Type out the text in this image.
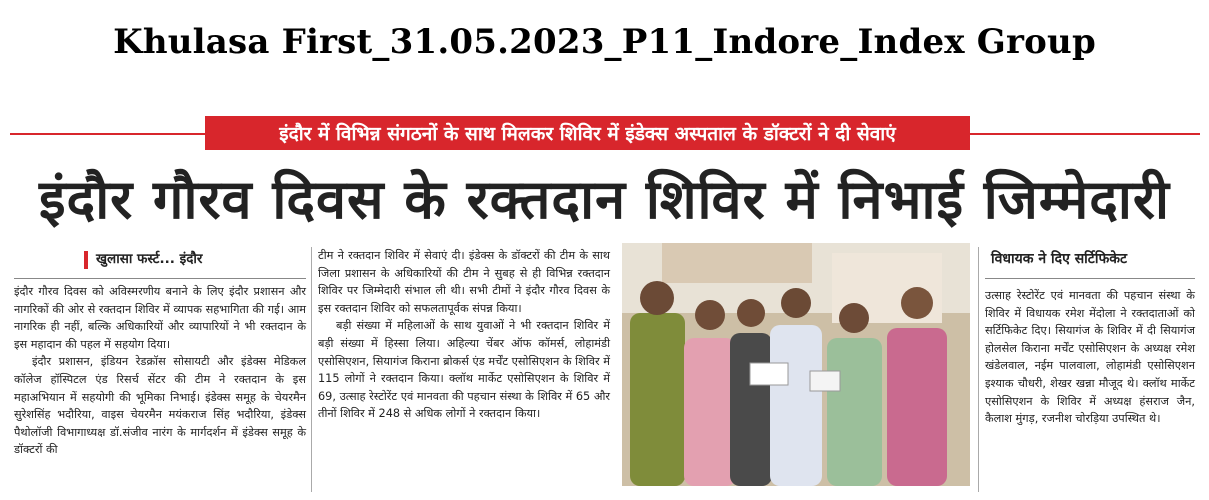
Khulasa First_31.05.2023_P11_Indore_Index Group
इंदौर में विभिन्न संगठनों के साथ मिलकर शिविर में इंडेक्स अस्पताल के डॉक्टरों ने दी सेवाएं
इंदौर गौरव दिवस के रक्तदान शिविर में निभाई जिम्मेदारी
खुलासा फर्स्ट... इंदौर

इंदौर गौरव दिवस को अविस्मरणीय बनाने के लिए इंदौर प्रशासन और नागरिकों की ओर से रक्तदान शिविर में व्यापक सहभागिता की गई। आम नागरिक ही नहीं, बल्कि अधिकारियों और व्यापारियों ने भी रक्तदान के इस महादान की पहल में सहयोग दिया।

इंदौर प्रशासन, इंडियन रेडक्रॉस सोसायटी और इंडेक्स मेडिकल कॉलेज हॉस्पिटल एंड रिसर्च सेंटर की टीम ने रक्तदान के इस महाअभियान में सहयोगी की भूमिका निभाई। इंडेक्स समूह के चेयरमैन सुरेशसिंह भदौरिया, वाइस चेयरमैन मयंकराज सिंह भदौरिया, इंडेक्स पैथोलॉजी विभागाध्यक्ष डॉ.संजीव नारंग के मार्गदर्शन में इंडेक्स समूह के डॉक्टरों की

टीम ने रक्तदान शिविर में सेवाएं दी। इंडेक्स के डॉक्टरों की टीम के साथ जिला प्रशासन के अधिकारियों की टीम ने सुबह से ही विभिन्न रक्तदान शिविर पर जिम्मेदारी संभाल ली थी। सभी टीमों ने इंदौर गौरव दिवस के इस रक्तदान शिविर को सफलतापूर्वक संपन्न किया।

बड़ी संख्या में महिलाओं के साथ युवाओं ने भी रक्तदान शिविर में बड़ी संख्या में हिस्सा लिया। अहिल्या चेंबर ऑफ कॉमर्स, लोहामंडी एसोसिएशन, सियागंज किराना ब्रोकर्स एंड मर्चेंट एसोसिएशन के शिविर में 115 लोगों ने रक्तदान किया। क्लॉथ मार्केट एसोसिएशन के शिविर में 69, उत्साह रेस्टोरेंट एवं मानवता की पहचान संस्था के शिविर में 65 और तीनों शिविर में 248 से अधिक लोगों ने रक्तदान किया।

विधायक ने दिए सर्टिफिकेट

उत्साह रेस्टोरेंट एवं मानवता की पहचान संस्था के शिविर में विधायक रमेश मेंदोला ने रक्तदाताओं को सर्टिफिकेट दिए। सियागंज के शिविर में दी सियागंज होलसेल किराना मर्चेंट एसोसिएशन के अध्यक्ष रमेश खंडेलवाल, नईम पालवाला, लोहामंडी एसोसिएशन इश्याक चौधरी, शेखर खन्ना मौजूद थे। क्लॉथ मार्केट एसोसिएशन के शिविर में अध्यक्ष हंसराज जैन, कैलाश मुंगड़, रजनीश चोरड़िया उपस्थित थे।
